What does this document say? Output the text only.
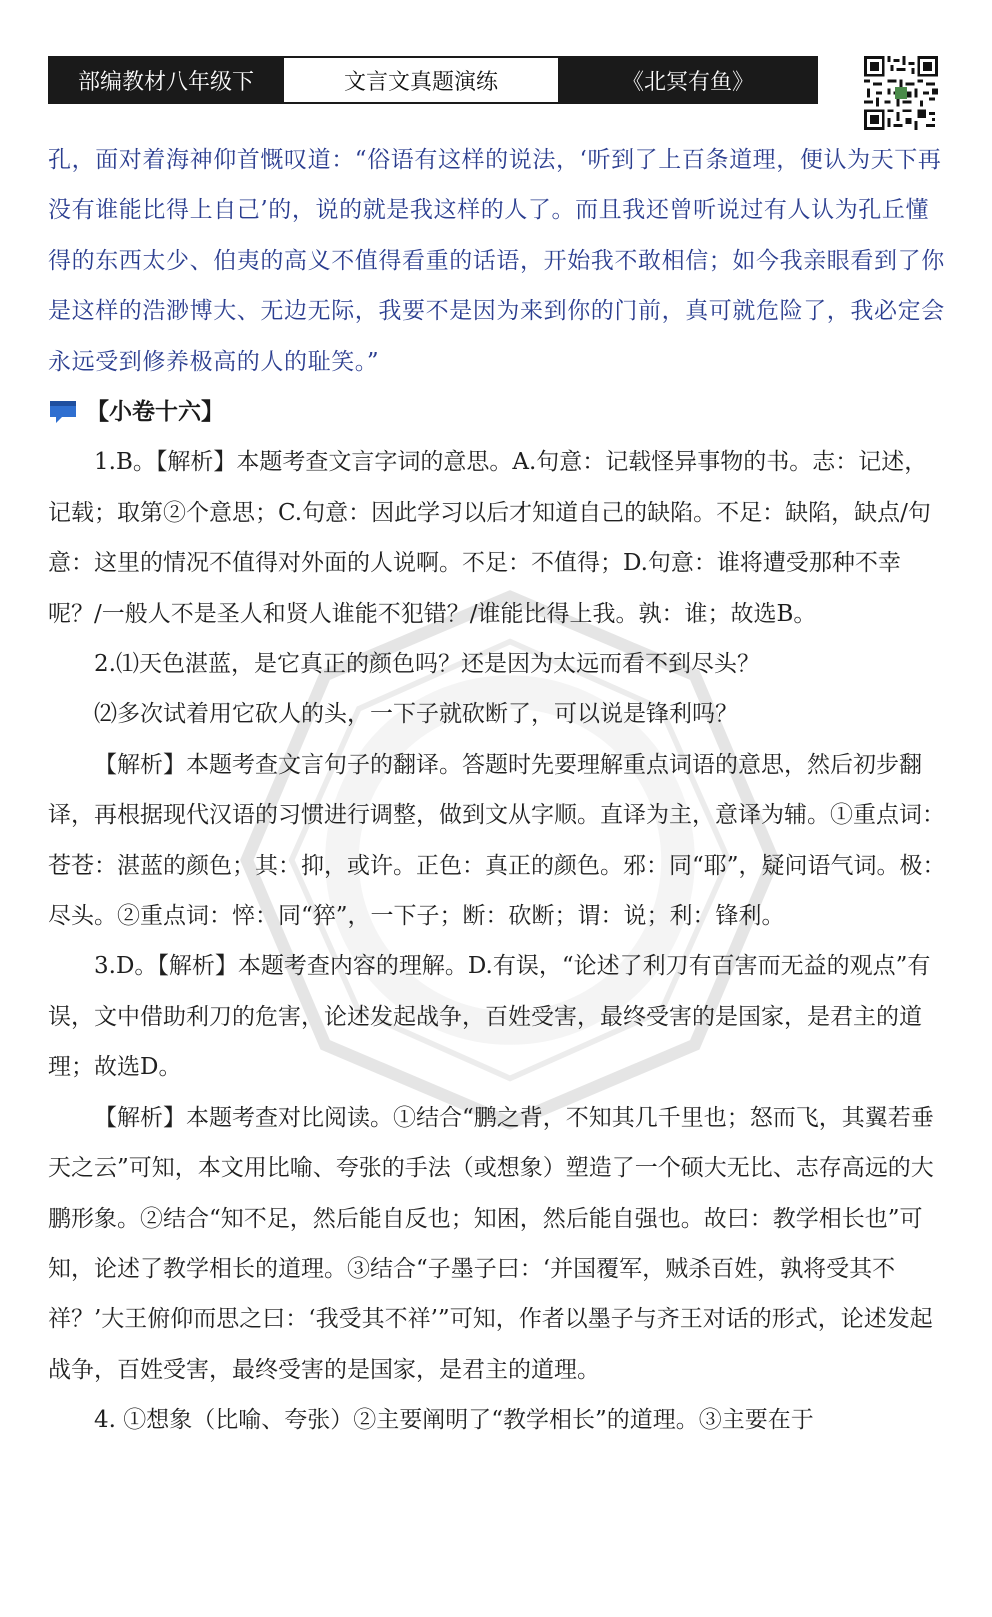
部编教材八年级下	文言文真题演练	《北冥有鱼》

孔，面对着海神仰首慨叹道：“俗语有这样的说法，‘听到了上百条道理，便认为天下再没有谁能比得上自己’的，说的就是我这样的人了。而且我还曾听说过有人认为孔丘懂得的东西太少、伯夷的高义不值得看重的话语，开始我不敢相信；如今我亲眼看到了你是这样的浩渺博大、无边无际，我要不是因为来到你的门前，真可就危险了，我必定会永远受到修养极高的人的耻笑。”

【小卷十六】

1.B。【解析】本题考查文言字词的意思。A.句意：记载怪异事物的书。志：记述，记载；取第②个意思；C.句意：因此学习以后才知道自己的缺陷。不足：缺陷，缺点/句意：这里的情况不值得对外面的人说啊。不足：不值得；D.句意：谁将遭受那种不幸呢？/一般人不是圣人和贤人谁能不犯错？/谁能比得上我。孰：谁；故选B。

2.⑴天色湛蓝，是它真正的颜色吗？还是因为太远而看不到尽头？

⑵多次试着用它砍人的头，一下子就砍断了，可以说是锋利吗？

【解析】本题考查文言句子的翻译。答题时先要理解重点词语的意思，然后初步翻译，再根据现代汉语的习惯进行调整，做到文从字顺。直译为主，意译为辅。①重点词：苍苍：湛蓝的颜色；其：抑，或许。正色：真正的颜色。邪：同“耶”，疑问语气词。极：尽头。②重点词：悴：同“猝”，一下子；断：砍断；谓：说；利：锋利。

3.D。【解析】本题考查内容的理解。D.有误，“论述了利刀有百害而无益的观点”有误，文中借助利刀的危害，论述发起战争，百姓受害，最终受害的是国家，是君主的道理；故选D。

【解析】本题考查对比阅读。①结合“鹏之背，不知其几千里也；怒而飞，其翼若垂天之云”可知，本文用比喻、夸张的手法（或想象）塑造了一个硕大无比、志存高远的大鹏形象。②结合“知不足，然后能自反也；知困，然后能自强也。故曰：教学相长也”可知，论述了教学相长的道理。③结合“子墨子曰：‘并国覆军，贼杀百姓，孰将受其不祥？’大王俯仰而思之曰：‘我受其不祥’”可知，作者以墨子与齐王对话的形式，论述发起战争，百姓受害，最终受害的是国家，是君主的道理。

4. ①想象（比喻、夸张）②主要阐明了“教学相长”的道理。③主要在于
